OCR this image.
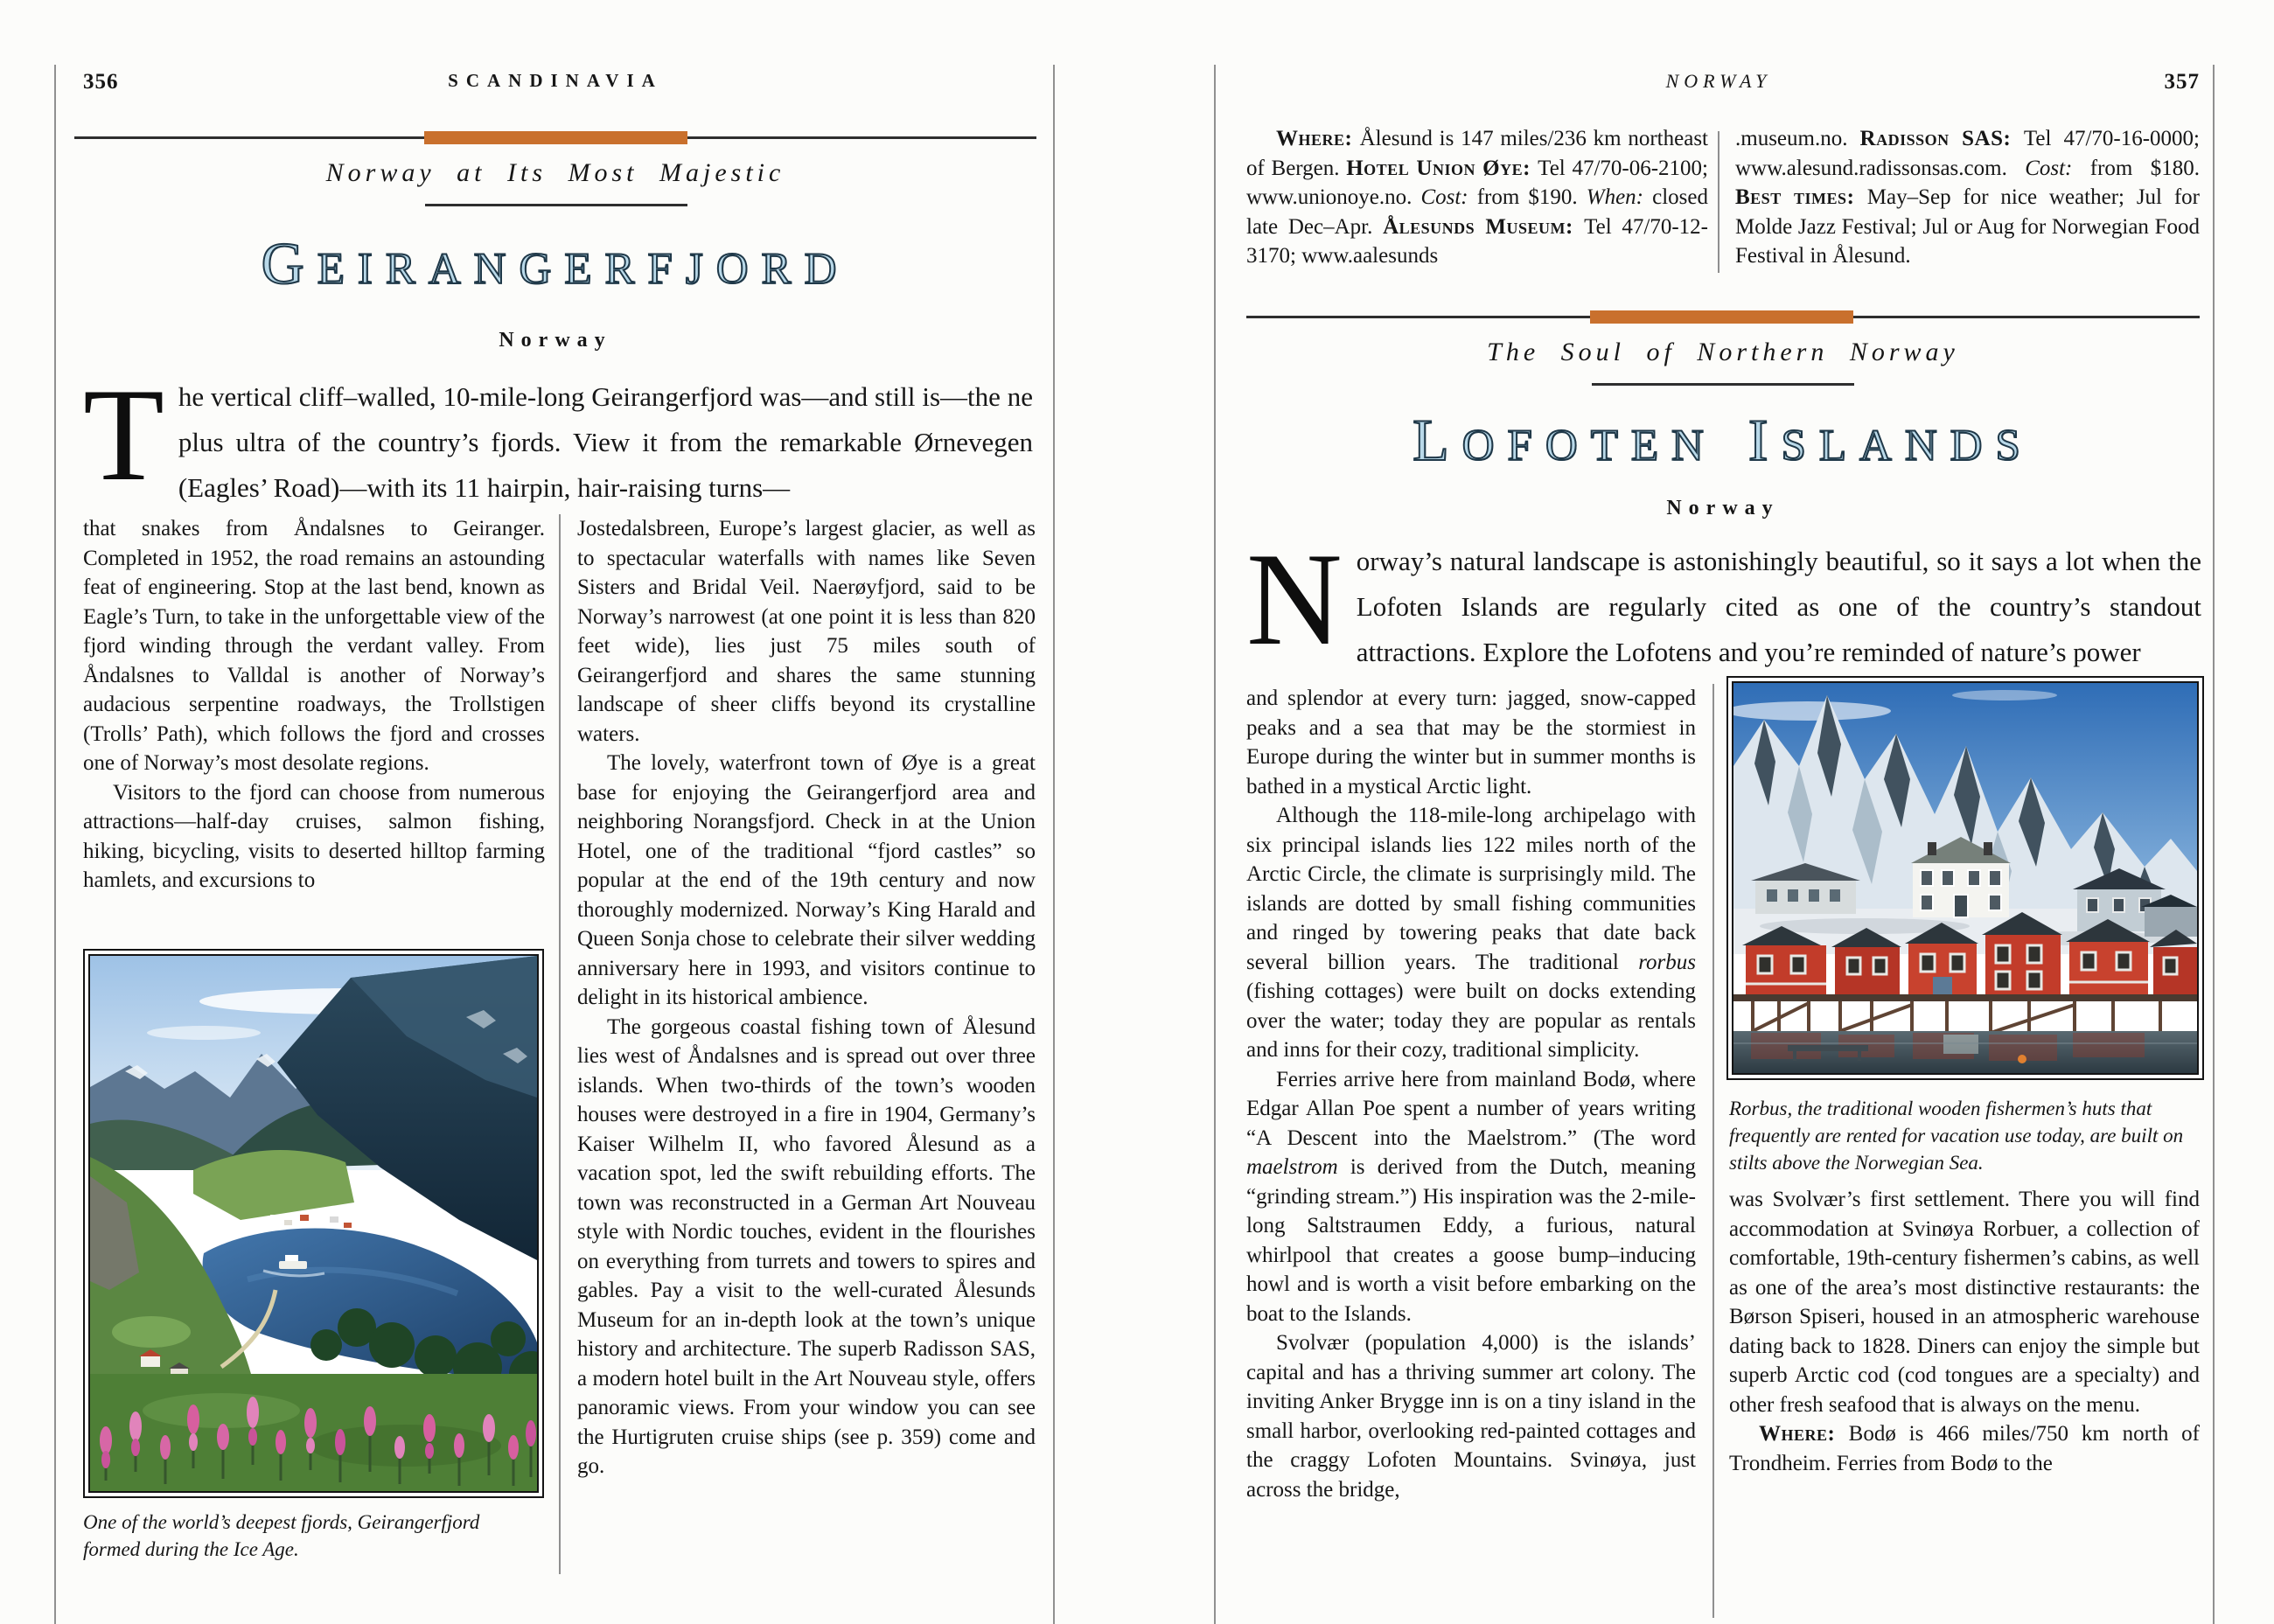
356	SCANDINAVIA
Norway at Its Most Majestic
GEIRANGERFJORD
Norway
The vertical cliff–walled, 10-mile-long Geirangerfjord was—and still is—the ne plus ultra of the country’s fjords. View it from the remarkable Ørnevegen (Eagles’ Road)—with its 11 hairpin, hair-raising turns—

that snakes from Åndalsnes to Geiranger. Completed in 1952, the road remains an astounding feat of engineering. Stop at the last bend, known as Eagle’s Turn, to take in the unforgettable view of the fjord winding through the verdant valley. From Åndalsnes to Valldal is another of Norway’s audacious serpentine roadways, the Trollstigen (Trolls’ Path), which follows the fjord and crosses one of Norway’s most desolate regions.

Visitors to the fjord can choose from numerous attractions—half-day cruises, salmon fishing, hiking, bicycling, visits to deserted hilltop farming hamlets, and excursions to

Jostedalsbreen, Europe’s largest glacier, as well as to spectacular waterfalls with names like Seven Sisters and Bridal Veil. Naerøyfjord, said to be Norway’s narrowest (at one point it is less than 820 feet wide), lies just 75 miles south of Geirangerfjord and shares the same stunning landscape of sheer cliffs beyond its crystalline waters.

The lovely, waterfront town of Øye is a great base for enjoying the Geirangerfjord area and neighboring Norangsfjord. Check in at the Union Hotel, one of the traditional “fjord castles” so popular at the end of the 19th century and now thoroughly modernized. Norway’s King Harald and Queen Sonja chose to celebrate their silver wedding anniversary here in 1993, and visitors continue to delight in its historical ambience.

The gorgeous coastal fishing town of Ålesund lies west of Åndalsnes and is spread out over three islands. When two-thirds of the town’s wooden houses were destroyed in a fire in 1904, Germany’s Kaiser Wilhelm II, who favored Ålesund as a vacation spot, led the swift rebuilding efforts. The town was reconstructed in a German Art Nouveau style with Nordic touches, evident in the flourishes on everything from turrets and towers to spires and gables. Pay a visit to the well-curated Ålesunds Museum for an in-depth look at the town’s unique history and architecture. The superb Radisson SAS, a modern hotel built in the Art Nouveau style, offers panoramic views. From your window you can see the Hurtigruten cruise ships (see p. 359) come and go.

One of the world’s deepest fjords, Geirangerfjord formed during the Ice Age.
NORWAY	357

Where: Ålesund is 147 miles/236 km northeast of Bergen. Hotel Union Øye: Tel 47/70-06-2100; www.unionoye.no. Cost: from $190. When: closed late Dec–Apr. Ålesunds Museum: Tel 47/70-12-3170; www.aalesunds

.museum.no. Radisson SAS: Tel 47/70-16-0000; www.alesund.radissonsas.com. Cost: from $180. Best times: May–Sep for nice weather; Jul for Molde Jazz Festival; Jul or Aug for Norwegian Food Festival in Ålesund.

The Soul of Northern Norway
LOFOTEN ISLANDS
Norway
Norway’s natural landscape is astonishingly beautiful, so it says a lot when the Lofoten Islands are regularly cited as one of the country’s standout attractions. Explore the Lofotens and you’re reminded of nature’s power

and splendor at every turn: jagged, snow-capped peaks and a sea that may be the stormiest in Europe during the winter but in summer months is bathed in a mystical Arctic light.

Although the 118-mile-long archipelago with six principal islands lies 122 miles north of the Arctic Circle, the climate is surprisingly mild. The islands are dotted by small fishing communities and ringed by towering peaks that date back several billion years. The traditional rorbus (fishing cottages) were built on docks extending over the water; today they are popular as rentals and inns for their cozy, traditional simplicity.

Ferries arrive here from mainland Bodø, where Edgar Allan Poe spent a number of years writing “A Descent into the Maelstrom.” (The word maelstrom is derived from the Dutch, meaning “grinding stream.”) His inspiration was the 2-mile-long Saltstraumen Eddy, a furious, natural whirlpool that creates a goose bump–inducing howl and is worth a visit before embarking on the boat to the Islands.

Svolvær (population 4,000) is the islands’ capital and has a thriving summer art colony. The inviting Anker Brygge inn is on a tiny island in the small harbor, overlooking red-painted cottages and the craggy Lofoten Mountains. Svinøya, just across the bridge,

Rorbus, the traditional wooden fishermen’s huts that frequently are rented for vacation use today, are built on stilts above the Norwegian Sea.

was Svolvær’s first settlement. There you will find accommodation at Svinøya Rorbuer, a collection of comfortable, 19th-century fishermen’s cabins, as well as one of the area’s most distinctive restaurants: the Børson Spiseri, housed in an atmospheric warehouse dating back to 1828. Diners can enjoy the simple but superb Arctic cod (cod tongues are a specialty) and other fresh seafood that is always on the menu.

Where: Bodø is 466 miles/750 km north of Trondheim. Ferries from Bodø to the
